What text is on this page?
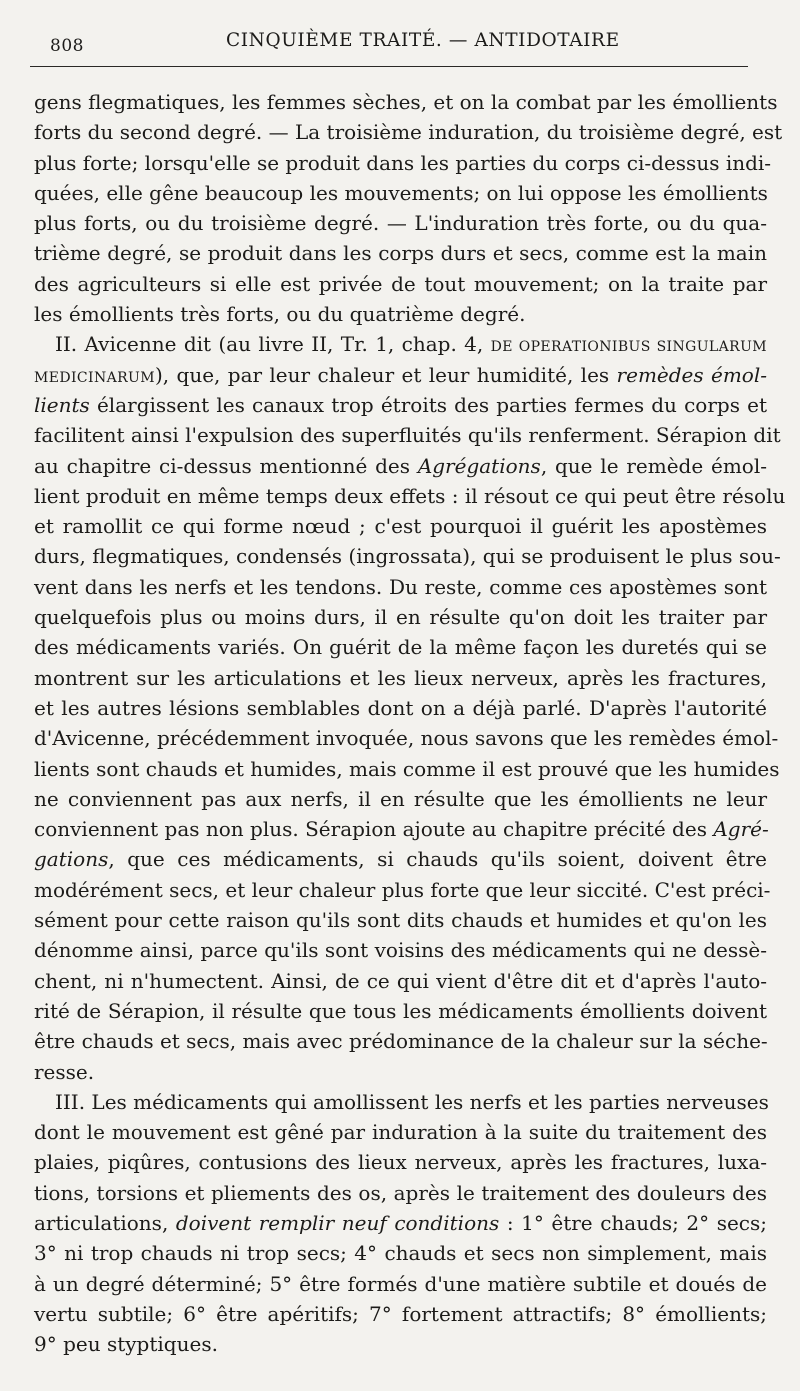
808	CINQUIÈME TRAITÉ. — ANTIDOTAIRE
gens flegmatiques, les femmes sèches, et on la combat par les émollients
forts du second degré. — La troisième induration, du troisième degré, est
plus forte; lorsqu'elle se produit dans les parties du corps ci-dessus indi-
quées, elle gêne beaucoup les mouvements; on lui oppose les émollients
plus forts, ou du troisième degré. — L'induration très forte, ou du qua-
trième degré, se produit dans les corps durs et secs, comme est la main
des agriculteurs si elle est privée de tout mouvement; on la traite par
les émollients très forts, ou du quatrième degré.
II. Avicenne dit (au livre II, Tr. 1, chap. 4, DE OPERATIONIBUS SINGULARUM
MEDICINARUM), que, par leur chaleur et leur humidité, les remèdes émol-
lients élargissent les canaux trop étroits des parties fermes du corps et
facilitent ainsi l'expulsion des superfluités qu'ils renferment. Sérapion dit
au chapitre ci-dessus mentionné des Agrégations, que le remède émol-
lient produit en même temps deux effets : il résout ce qui peut être résolu
et ramollit ce qui forme nœud ; c'est pourquoi il guérit les apostèmes
durs, flegmatiques, condensés (ingrossata), qui se produisent le plus sou-
vent dans les nerfs et les tendons. Du reste, comme ces apostèmes sont
quelquefois plus ou moins durs, il en résulte qu'on doit les traiter par
des médicaments variés. On guérit de la même façon les duretés qui se
montrent sur les articulations et les lieux nerveux, après les fractures,
et les autres lésions semblables dont on a déjà parlé. D'après l'autorité
d'Avicenne, précédemment invoquée, nous savons que les remèdes émol-
lients sont chauds et humides, mais comme il est prouvé que les humides
ne conviennent pas aux nerfs, il en résulte que les émollients ne leur
conviennent pas non plus. Sérapion ajoute au chapitre précité des Agré-
gations, que ces médicaments, si chauds qu'ils soient, doivent être
modérément secs, et leur chaleur plus forte que leur siccité. C'est préci-
sément pour cette raison qu'ils sont dits chauds et humides et qu'on les
dénomme ainsi, parce qu'ils sont voisins des médicaments qui ne dessè-
chent, ni n'humectent. Ainsi, de ce qui vient d'être dit et d'après l'auto-
rité de Sérapion, il résulte que tous les médicaments émollients doivent
être chauds et secs, mais avec prédominance de la chaleur sur la séche-
resse.
III. Les médicaments qui amollissent les nerfs et les parties nerveuses
dont le mouvement est gêné par induration à la suite du traitement des
plaies, piqûres, contusions des lieux nerveux, après les fractures, luxa-
tions, torsions et pliements des os, après le traitement des douleurs des
articulations, doivent remplir neuf conditions : 1° être chauds; 2° secs;
3° ni trop chauds ni trop secs; 4° chauds et secs non simplement, mais
à un degré déterminé; 5° être formés d'une matière subtile et doués de
vertu subtile; 6° être apéritifs; 7° fortement attractifs; 8° émollients;
9° peu styptiques.
